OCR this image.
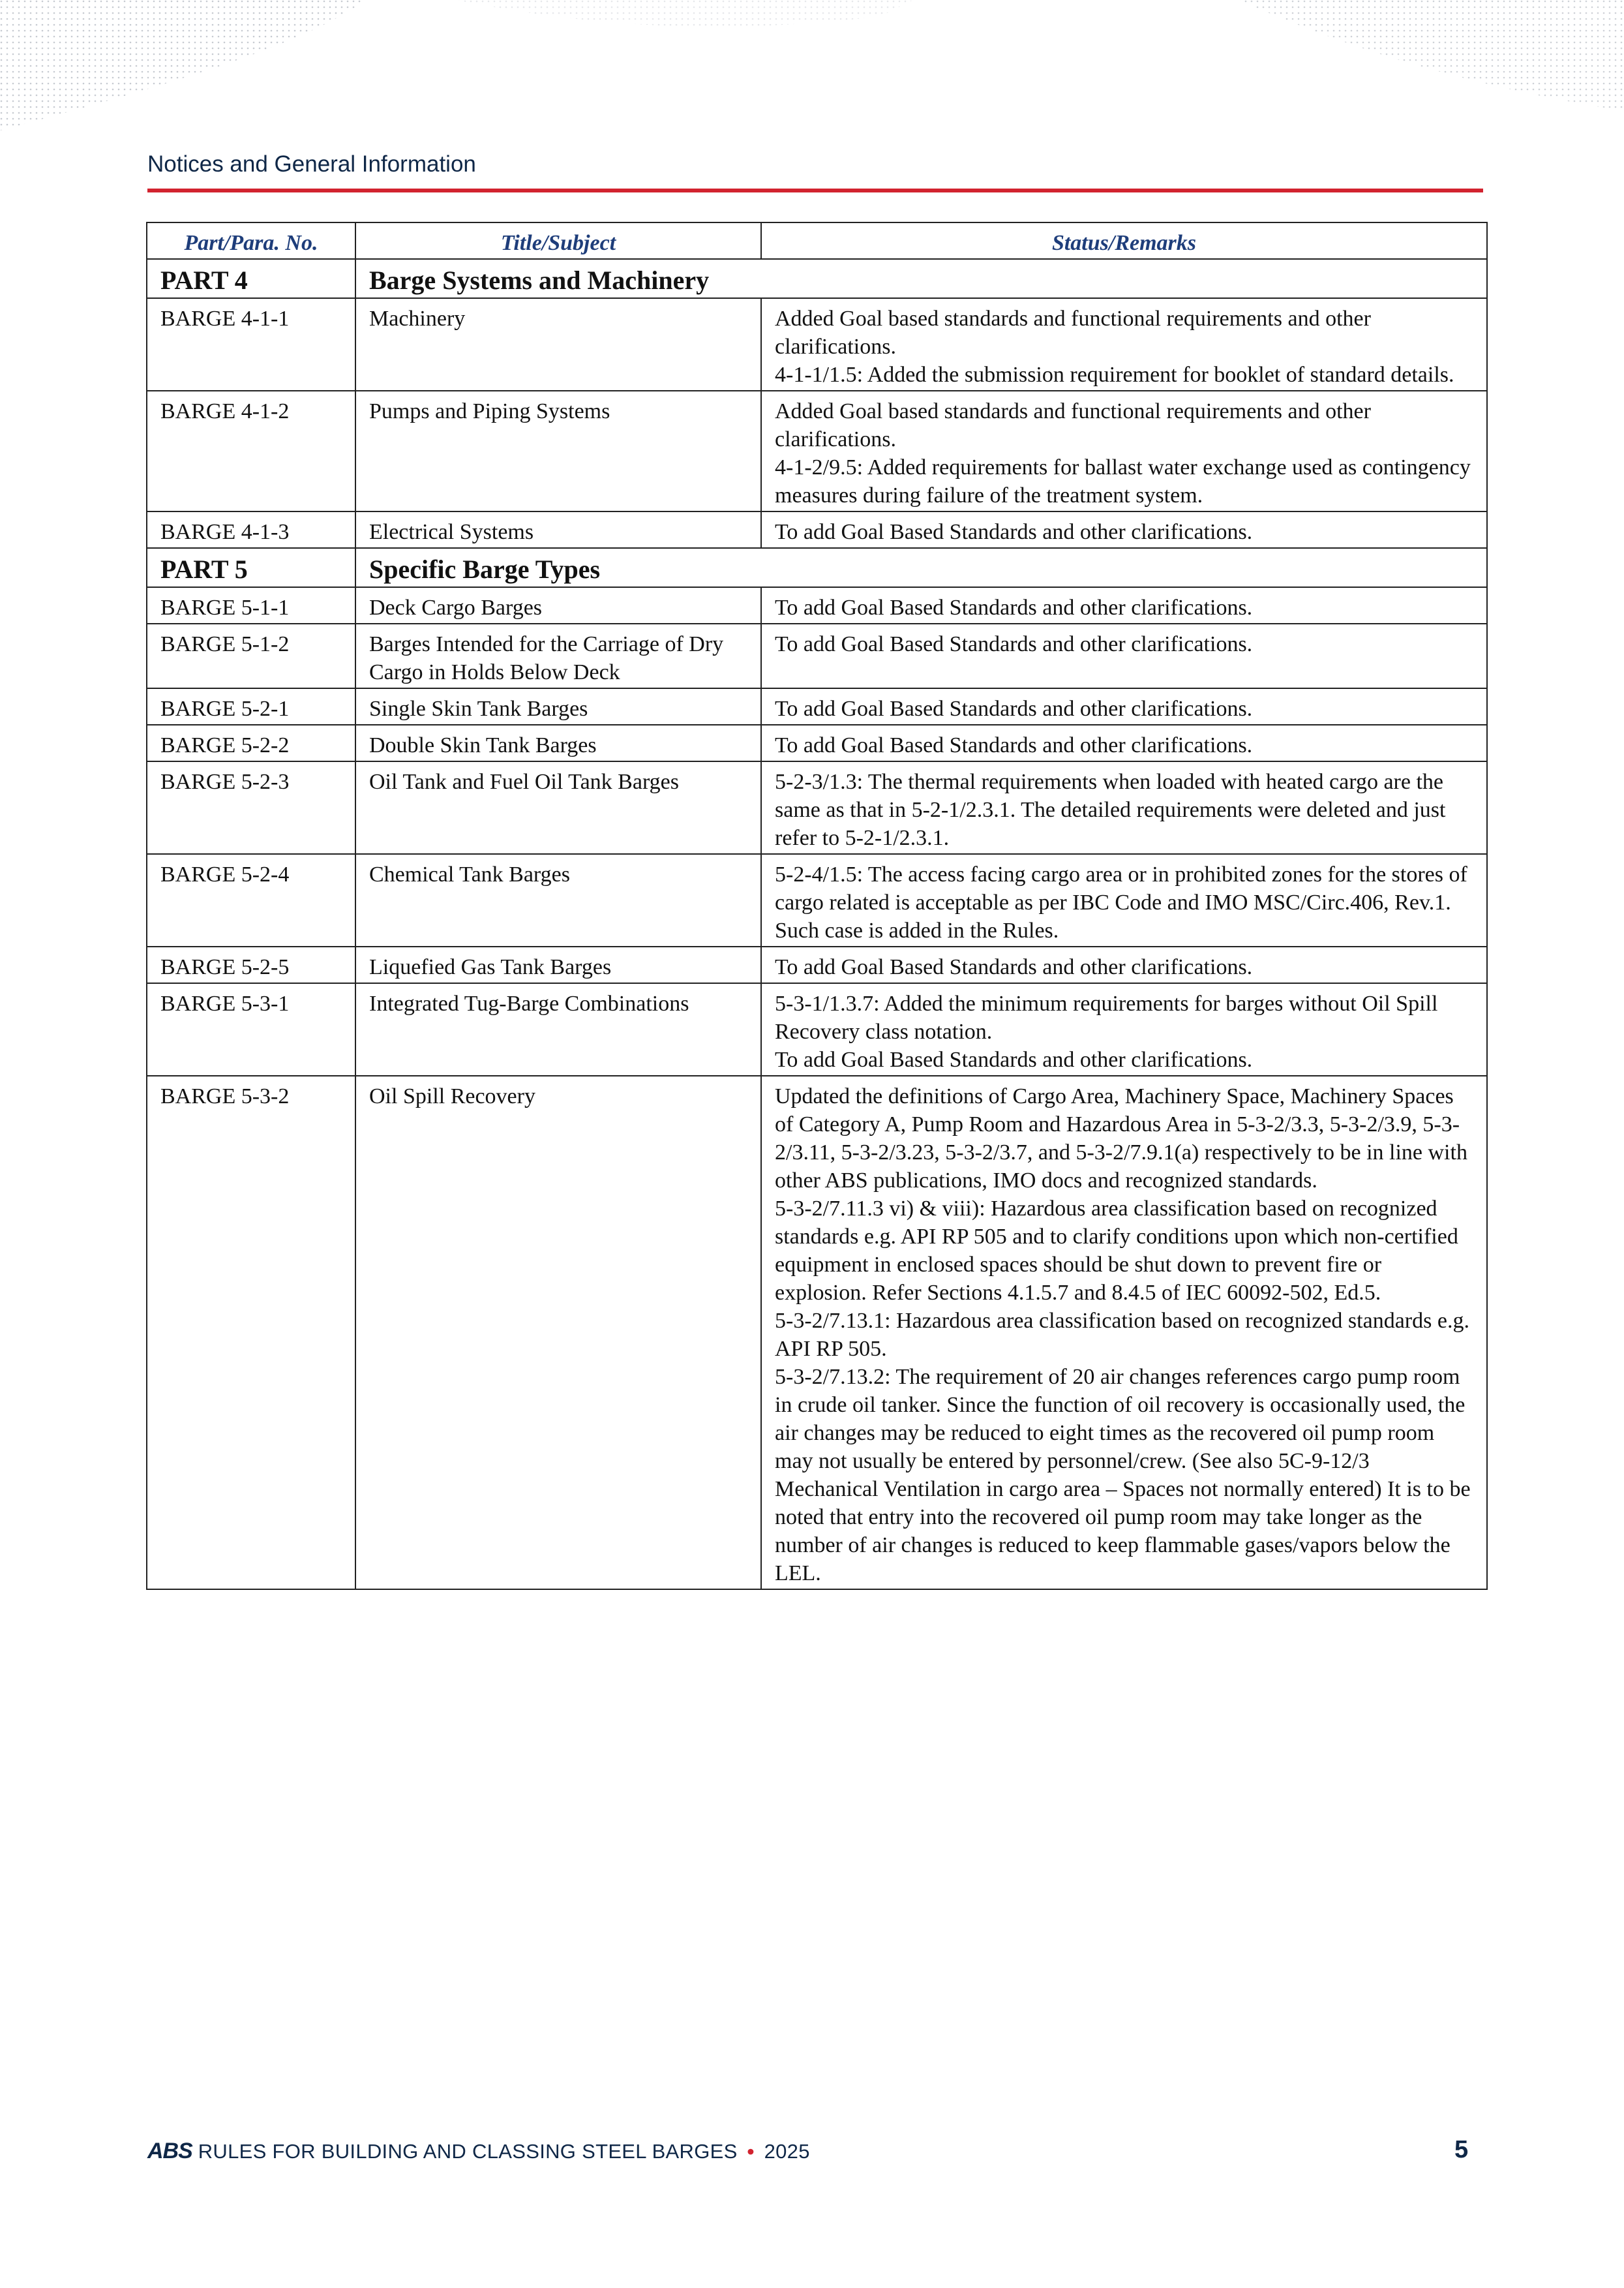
Notices and General Information
Part/Para. No.	Title/Subject	Status/Remarks
PART 4	Barge Systems and Machinery	
BARGE 4-1-1	Machinery	Added Goal based standards and functional requirements and other clarifications.
4-1-1/1.5: Added the submission requirement for booklet of standard details.

BARGE 4-1-2	Pumps and Piping Systems	Added Goal based standards and functional requirements and other clarifications.
4-1-2/9.5: Added requirements for ballast water exchange used as contingency measures during failure of the treatment system.

BARGE 4-1-3	Electrical Systems	To add Goal Based Standards and other clarifications.

PART 5	Specific Barge Types	
BARGE 5-1-1	Deck Cargo Barges	To add Goal Based Standards and other clarifications.

BARGE 5-1-2	Barges Intended for the Carriage of Dry Cargo in Holds Below Deck	To add Goal Based Standards and other clarifications.

BARGE 5-2-1	Single Skin Tank Barges	To add Goal Based Standards and other clarifications.

BARGE 5-2-2	Double Skin Tank Barges	To add Goal Based Standards and other clarifications.

BARGE 5-2-3	Oil Tank and Fuel Oil Tank Barges	5-2-3/1.3: The thermal requirements when loaded with heated cargo are the same as that in 5-2-1/2.3.1. The detailed requirements were deleted and just refer to 5-2-1/2.3.1.

BARGE 5-2-4	Chemical Tank Barges	5-2-4/1.5: The access facing cargo area or in prohibited zones for the stores of cargo related is acceptable as per IBC Code and IMO MSC/Circ.406, Rev.1. Such case is added in the Rules.

BARGE 5-2-5	Liquefied Gas Tank Barges	To add Goal Based Standards and other clarifications.

BARGE 5-3-1	Integrated Tug-Barge Combinations	5-3-1/1.3.7: Added the minimum requirements for barges without Oil Spill Recovery class notation.
To add Goal Based Standards and other clarifications.

BARGE 5-3-2	Oil Spill Recovery	Updated the definitions of Cargo Area, Machinery Space, Machinery Spaces of Category A, Pump Room and Hazardous Area in 5-3-2/3.3, 5-3-2/3.9, 5-3-2/3.11, 5-3-2/3.23, 5-3-2/3.7, and 5-3-2/7.9.1(a) respectively to be in line with other ABS publications, IMO docs and recognized standards.
5-3-2/7.11.3 vi) & viii): Hazardous area classification based on recognized standards e.g. API RP 505 and to clarify conditions upon which non-certified equipment in enclosed spaces should be shut down to prevent fire or explosion. Refer Sections 4.1.5.7 and 8.4.5 of IEC 60092-502, Ed.5.
5-3-2/7.13.1: Hazardous area classification based on recognized standards e.g. API RP 505.
5-3-2/7.13.2: The requirement of 20 air changes references cargo pump room in crude oil tanker. Since the function of oil recovery is occasionally used, the air changes may be reduced to eight times as the recovered oil pump room may not usually be entered by personnel/crew. (See also 5C-9-12/3 Mechanical Ventilation in cargo area – Spaces not normally entered) It is to be noted that entry into the recovered oil pump room may take longer as the number of air changes is reduced to keep flammable gases/vapors below the LEL.
ABS RULES FOR BUILDING AND CLASSING STEEL BARGES • 2025	5
